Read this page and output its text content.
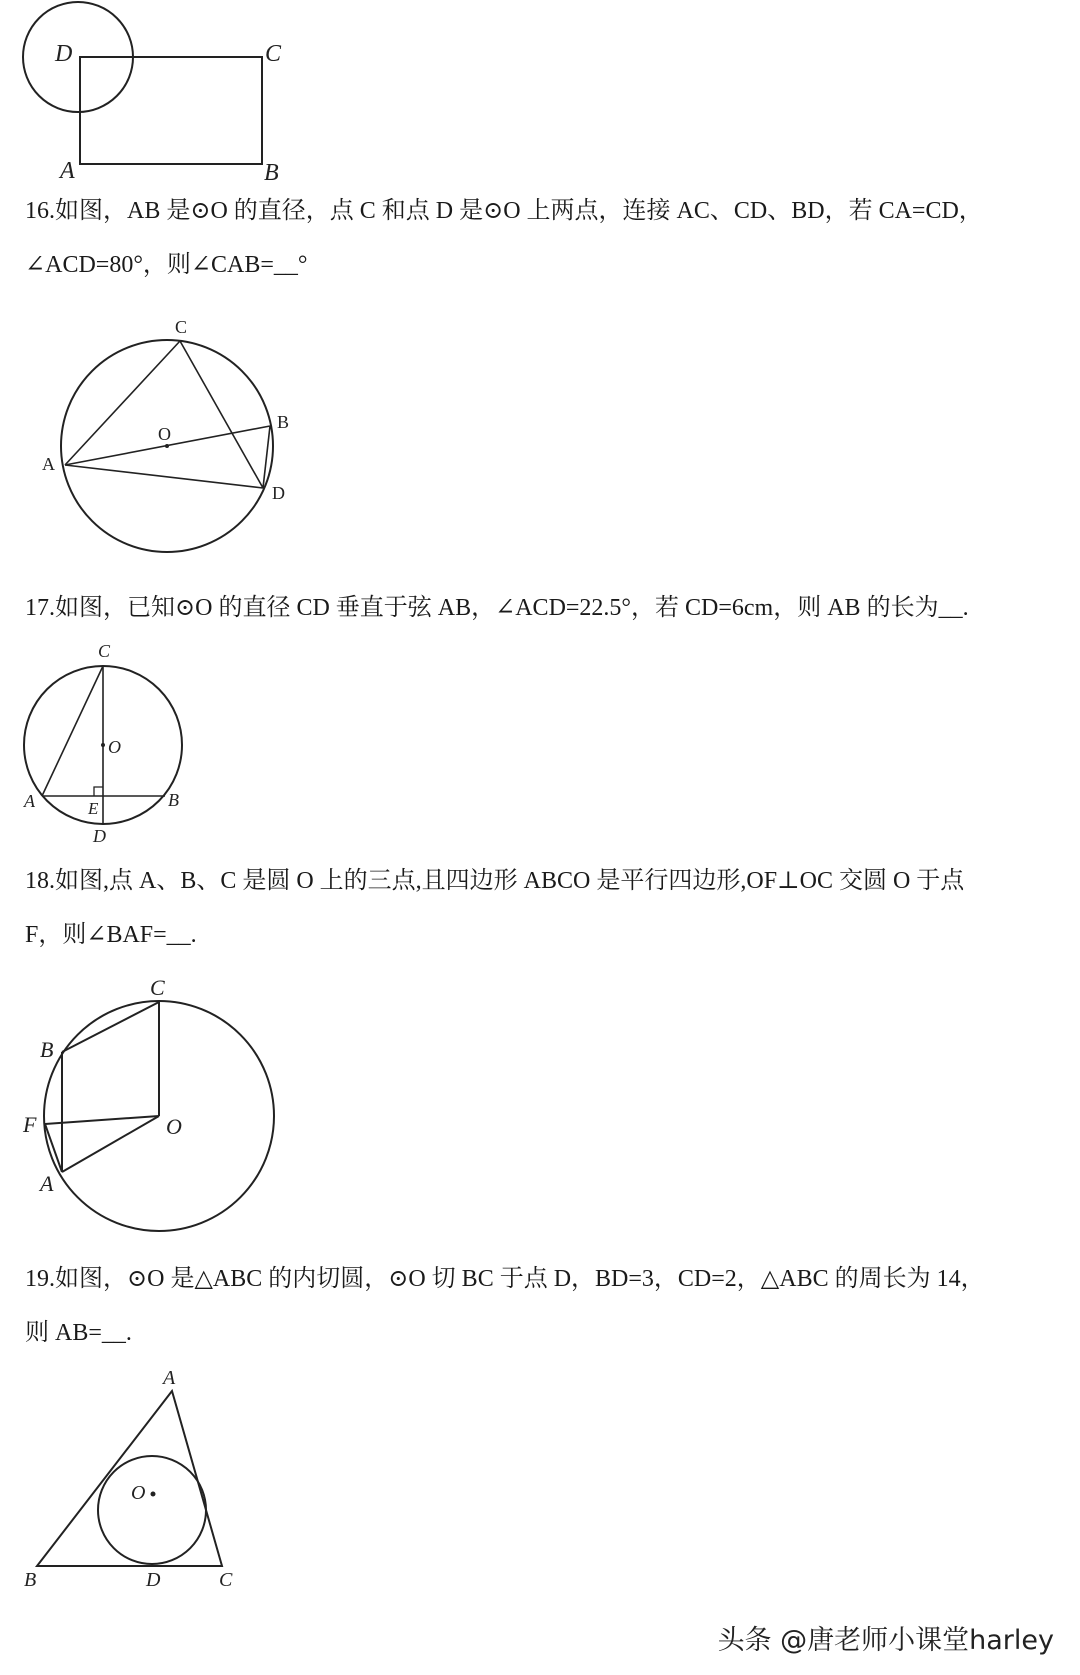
D	C
A	B
16.如图，AB 是⊙O 的直径，点 C 和点 D 是⊙O 上两点，连接 AC、CD、BD，若 CA=CD，
∠ACD=80°，则∠CAB=__°
C
O
B
A
D
17.如图，已知⊙O 的直径 CD 垂直于弦 AB，∠ACD=22.5°，若 CD=6cm，则 AB 的长为__.
C
O
A	B
E
D
18.如图,点 A、B、C 是圆 O 上的三点,且四边形 ABCO 是平行四边形,OF⊥OC 交圆 O 于点
F，则∠BAF=__.
C
B
F	O
A
19.如图，⊙O 是△ABC 的内切圆，⊙O 切 BC 于点 D，BD=3，CD=2，△ABC 的周长为 14，
则 AB=__.
A
O
B	D	C
头条 @唐老师小课堂harley
